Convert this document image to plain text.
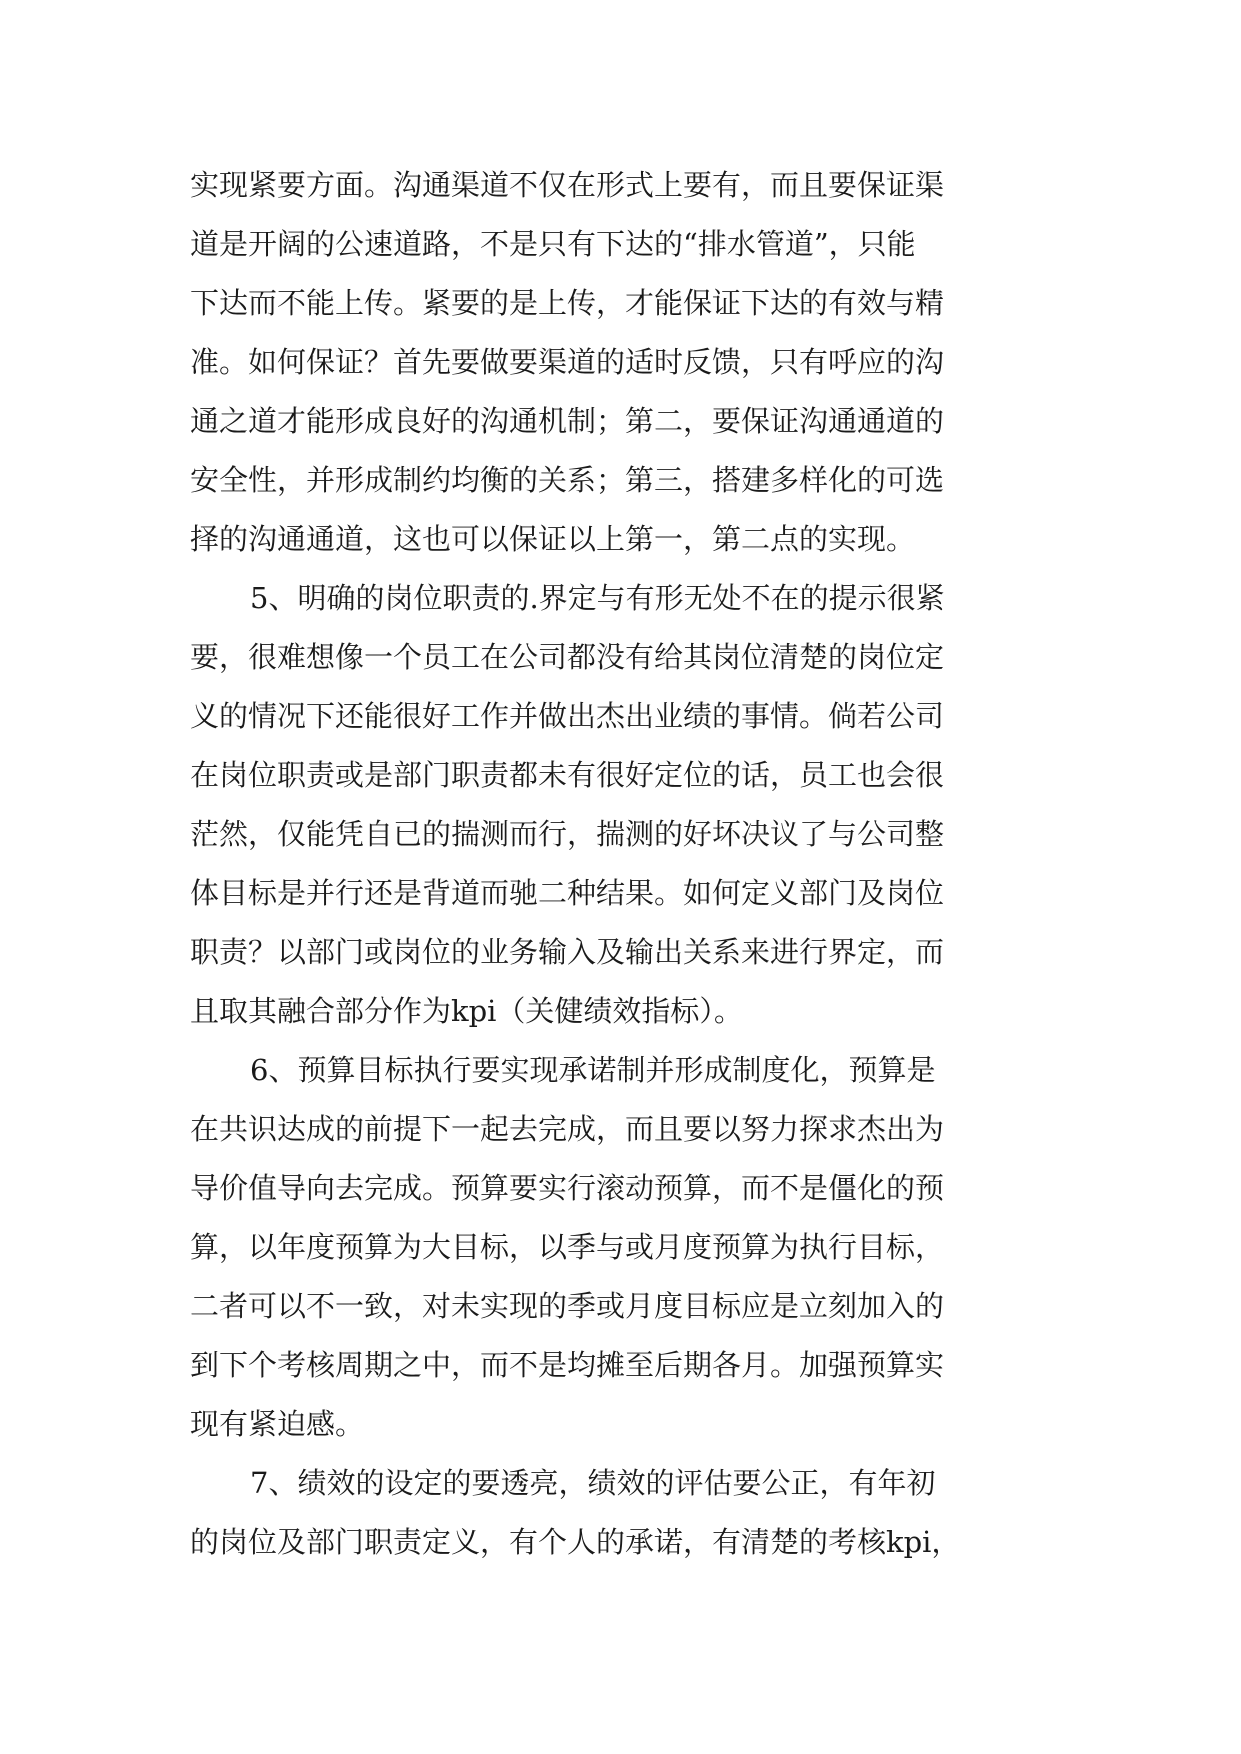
实现紧要方面。沟通渠道不仅在形式上要有，而且要保证渠
道是开阔的公速道路，不是只有下达的“排水管道”，只能
下达而不能上传。紧要的是上传，才能保证下达的有效与精
准。如何保证？首先要做要渠道的适时反馈，只有呼应的沟
通之道才能形成良好的沟通机制；第二，要保证沟通通道的
安全性，并形成制约均衡的关系；第三，搭建多样化的可选
择的沟通通道，这也可以保证以上第一，第二点的实现。
5、明确的岗位职责的.界定与有形无处不在的提示很紧
要，很难想像一个员工在公司都没有给其岗位清楚的岗位定
义的情况下还能很好工作并做出杰出业绩的事情。倘若公司
在岗位职责或是部门职责都未有很好定位的话，员工也会很
茫然，仅能凭自已的揣测而行，揣测的好坏决议了与公司整
体目标是并行还是背道而驰二种结果。如何定义部门及岗位
职责？以部门或岗位的业务输入及输出关系来进行界定，而
且取其融合部分作为kpi（关健绩效指标）。
6、预算目标执行要实现承诺制并形成制度化，预算是
在共识达成的前提下一起去完成，而且要以努力探求杰出为
导价值导向去完成。预算要实行滚动预算，而不是僵化的预
算，以年度预算为大目标，以季与或月度预算为执行目标，
二者可以不一致，对未实现的季或月度目标应是立刻加入的
到下个考核周期之中，而不是均摊至后期各月。加强预算实
现有紧迫感。
7、绩效的设定的要透亮，绩效的评估要公正，有年初
的岗位及部门职责定义，有个人的承诺，有清楚的考核kpi，
